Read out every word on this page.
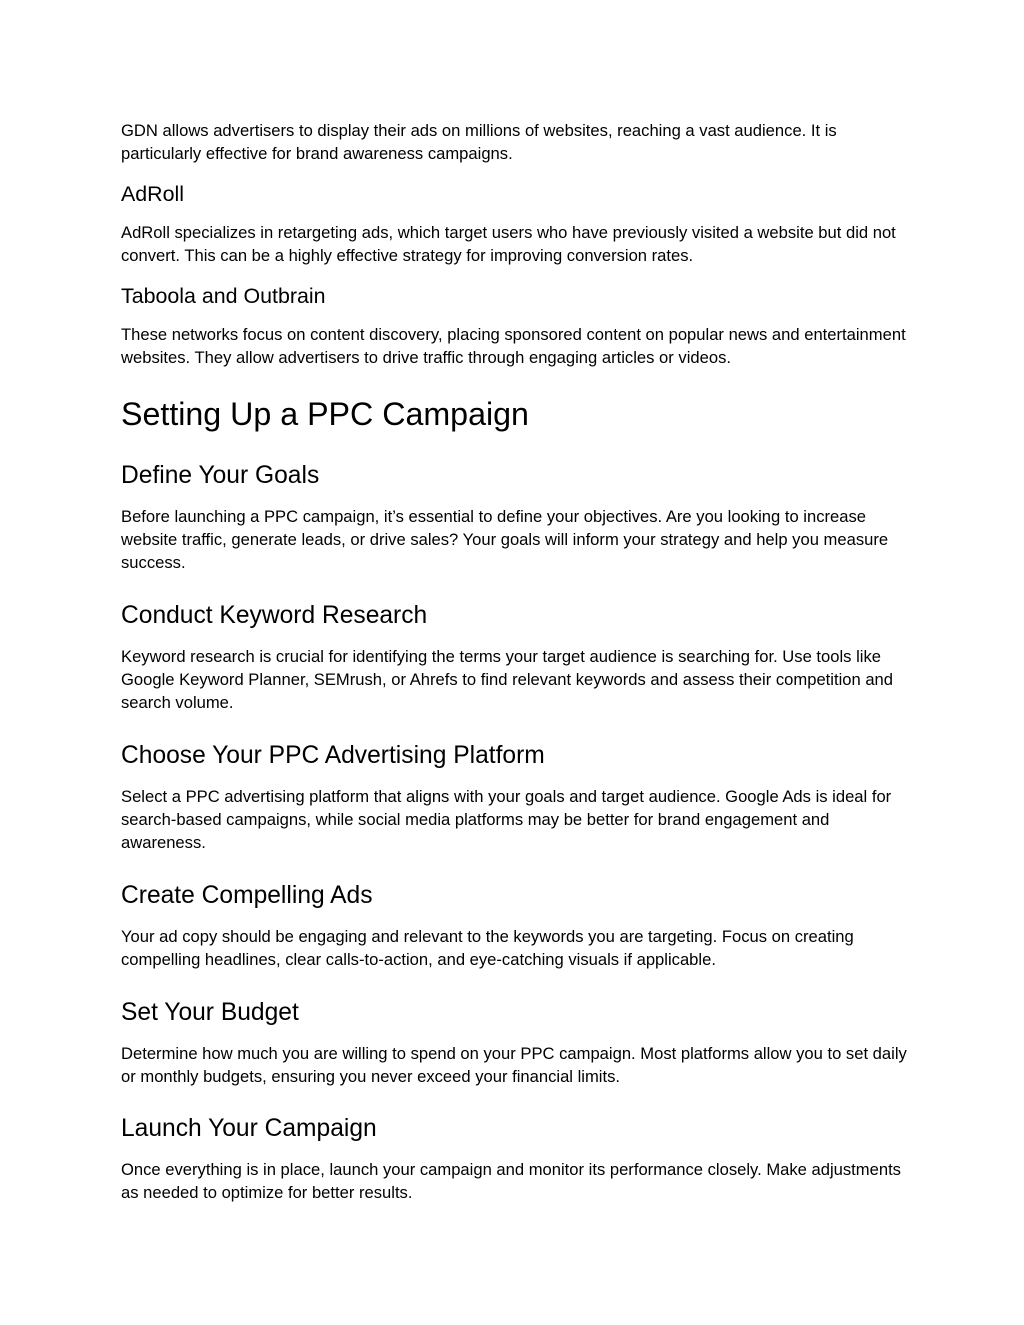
GDN allows advertisers to display their ads on millions of websites, reaching a vast audience. It is particularly effective for brand awareness campaigns.

AdRoll

AdRoll specializes in retargeting ads, which target users who have previously visited a website but did not convert. This can be a highly effective strategy for improving conversion rates.

Taboola and Outbrain

These networks focus on content discovery, placing sponsored content on popular news and entertainment websites. They allow advertisers to drive traffic through engaging articles or videos.

Setting Up a PPC Campaign
Define Your Goals

Before launching a PPC campaign, it’s essential to define your objectives. Are you looking to increase website traffic, generate leads, or drive sales? Your goals will inform your strategy and help you measure success.

Conduct Keyword Research

Keyword research is crucial for identifying the terms your target audience is searching for. Use tools like Google Keyword Planner, SEMrush, or Ahrefs to find relevant keywords and assess their competition and search volume.

Choose Your PPC Advertising Platform

Select a PPC advertising platform that aligns with your goals and target audience. Google Ads is ideal for search-based campaigns, while social media platforms may be better for brand engagement and awareness.

Create Compelling Ads

Your ad copy should be engaging and relevant to the keywords you are targeting. Focus on creating compelling headlines, clear calls-to-action, and eye-catching visuals if applicable.

Set Your Budget

Determine how much you are willing to spend on your PPC campaign. Most platforms allow you to set daily or monthly budgets, ensuring you never exceed your financial limits.

Launch Your Campaign

Once everything is in place, launch your campaign and monitor its performance closely. Make adjustments as needed to optimize for better results.
